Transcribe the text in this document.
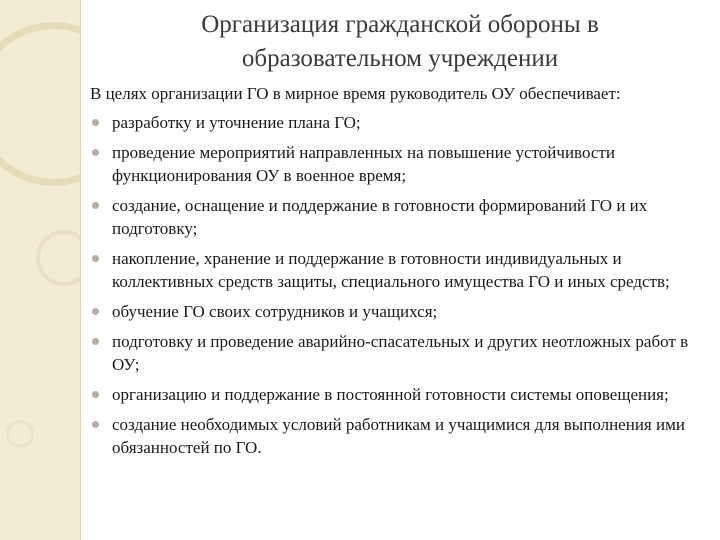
Организация гражданской обороны в
образовательном учреждении

В целях организации ГО в мирное время руководитель ОУ обеспечивает:

разработку и уточнение плана ГО;
проведение мероприятий направленных на повышение устойчивости функционирования ОУ в военное время;
создание, оснащение и поддержание в готовности формирований ГО и их подготовку;
накопление, хранение и поддержание в готовности индивидуальных и коллективных средств защиты, специального имущества ГО и иных средств;
обучение ГО своих сотрудников и учащихся;
подготовку и проведение аварийно-спасательных и других неотложных работ в ОУ;
организацию и поддержание в постоянной готовности системы оповещения;
создание необходимых условий работникам и учащимися для выполнения ими обязанностей по ГО.
